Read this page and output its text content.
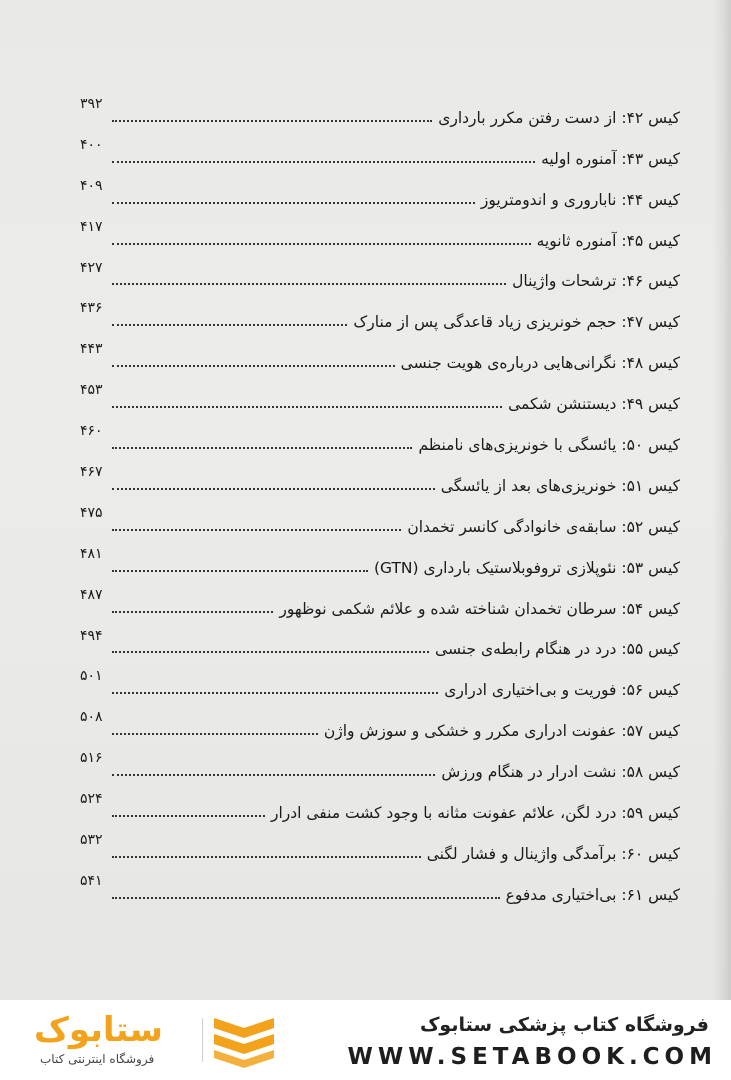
کیس ۴۲: از دست رفتن مکرر بارداری
۳۹۲
کیس ۴۳: آمنوره اولیه
۴۰۰
کیس ۴۴: ناباروری و اندومتریوز
۴۰۹
کیس ۴۵: آمنوره ثانویه
۴۱۷
کیس ۴۶: ترشحات واژینال
۴۲۷
کیس ۴۷: حجم خونریزی زیاد قاعدگی پس از منارک
۴۳۶
کیس ۴۸: نگرانی‌هایی درباره‌ی هویت جنسی
۴۴۳
کیس ۴۹: دیستنشن شکمی
۴۵۳
کیس ۵۰: یائسگی با خونریزی‌های نامنظم
۴۶۰
کیس ۵۱: خونریزی‌های بعد از یائسگی
۴۶۷
کیس ۵۲: سابقه‌ی خانوادگی کانسر تخمدان
۴۷۵
کیس ۵۳: نئوپلازی تروفوبلاستیک بارداری (GTN)
۴۸۱
کیس ۵۴: سرطان تخمدان شناخته شده و علائم شکمی نوظهور
۴۸۷
کیس ۵۵: درد در هنگام رابطه‌ی جنسی
۴۹۴
کیس ۵۶: فوریت و بی‌اختیاری ادراری
۵۰۱
کیس ۵۷: عفونت ادراری مکرر و خشکی و سوزش واژن
۵۰۸
کیس ۵۸: نشت ادرار در هنگام ورزش
۵۱۶
کیس ۵۹: درد لگن، علائم عفونت مثانه با وجود کشت منفی ادرار
۵۲۴
کیس ۶۰: برآمدگی واژینال و فشار لگنی
۵۳۲
کیس ۶۱: بی‌اختیاری مدفوع
۵۴۱
ستابوک
فروشگاه اینترنتی کتاب
فروشگاه کتاب پزشکی ستابوک
WWW.SETABOOK.COM
